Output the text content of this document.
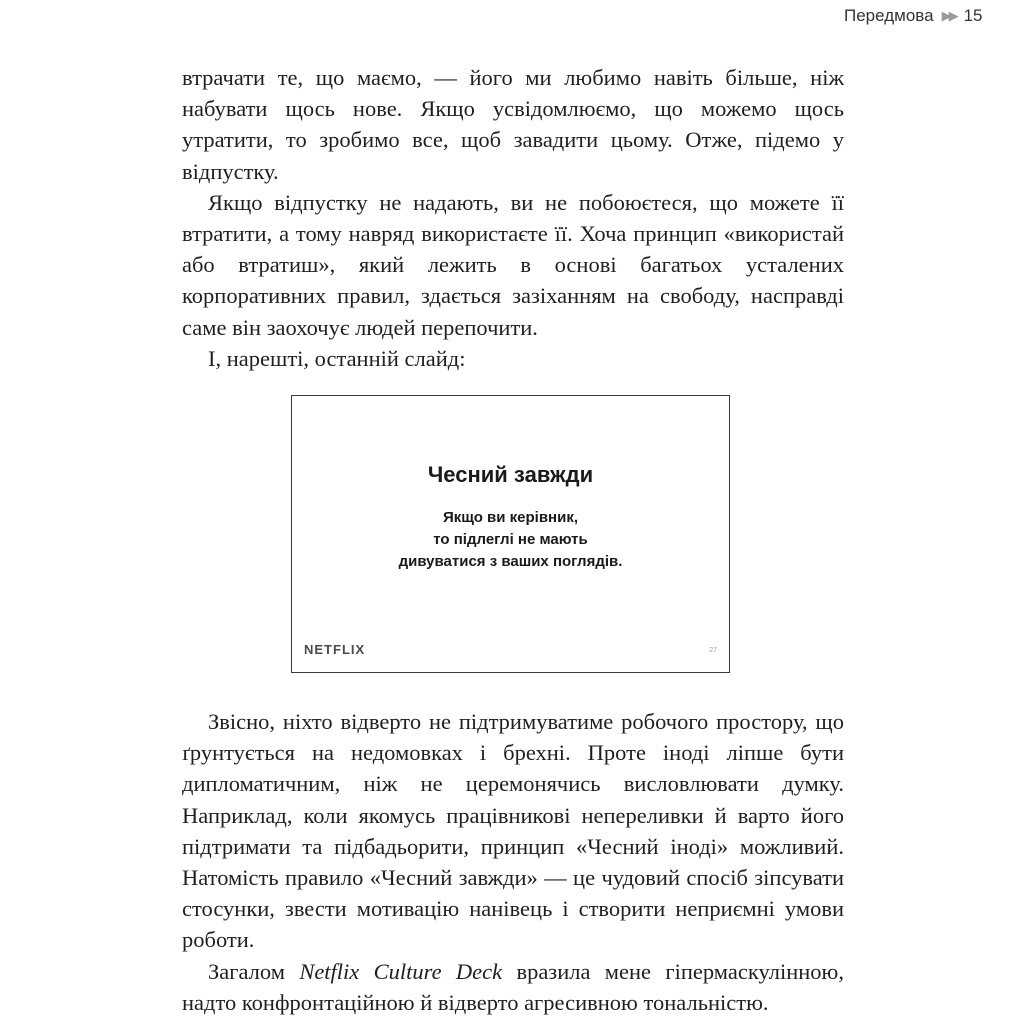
Передмова ▶▶ 15

втрачати те, що маємо, — його ми любимо навіть більше, ніж набувати щось нове. Якщо усвідомлюємо, що можемо щось утратити, то зробимо все, щоб завадити цьому. Отже, підемо у відпустку.

Якщо відпустку не надають, ви не побоюєтеся, що можете її втратити, а тому навряд використаєте її. Хоча принцип «використай або втратиш», який лежить в основі багатьох усталених корпоративних правил, здається зазіханням на свободу, насправді саме він заохочує людей перепочити.

І, нарешті, останній слайд:

Чесний завжди
Якщо ви керівник,
то підлеглі не мають
дивуватися з ваших поглядів.
NETFLIX	27

Звісно, ніхто відверто не підтримуватиме робочого простору, що ґрунтується на недомовках і брехні. Проте іноді ліпше бути дипломатичним, ніж не церемонячись висловлювати думку. Наприклад, коли якомусь працівникові непереливки й варто його підтримати та підбадьорити, принцип «Чесний іноді» можливий. Натомість правило «Чесний завжди» — це чудовий спосіб зіпсувати стосунки, звести мотивацію нанівець і створити неприємні умови роботи.

Загалом Netflix Culture Deck вразила мене гіпермаскулінною, надто конфронтаційною й відверто агресивною тональністю.
